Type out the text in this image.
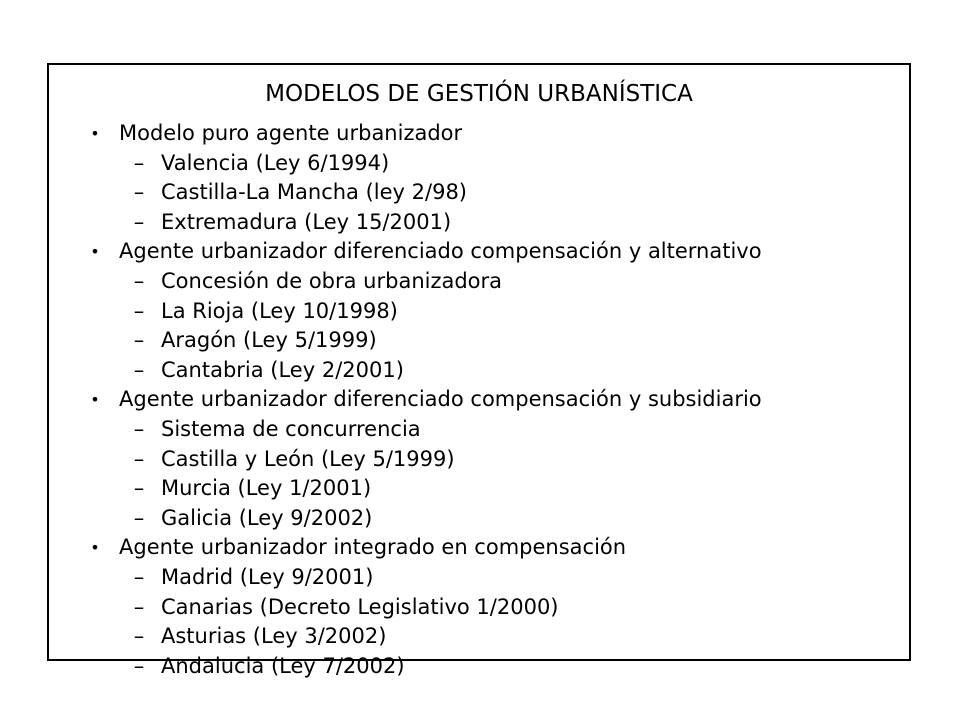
MODELOS DE GESTIÓN URBANÍSTICA
• Modelo puro agente urbanizador
– Valencia (Ley 6/1994)
– Castilla-La Mancha (ley 2/98)
– Extremadura (Ley 15/2001)
• Agente urbanizador diferenciado compensación y alternativo
– Concesión de obra urbanizadora
– La Rioja (Ley 10/1998)
– Aragón (Ley 5/1999)
– Cantabria (Ley 2/2001)
• Agente urbanizador diferenciado compensación y subsidiario
– Sistema de concurrencia
– Castilla y León (Ley 5/1999)
– Murcia (Ley 1/2001)
– Galicia (Ley 9/2002)
• Agente urbanizador integrado en compensación
– Madrid (Ley 9/2001)
– Canarias (Decreto Legislativo 1/2000)
– Asturias (Ley 3/2002)
– Andalucia (Ley 7/2002)
